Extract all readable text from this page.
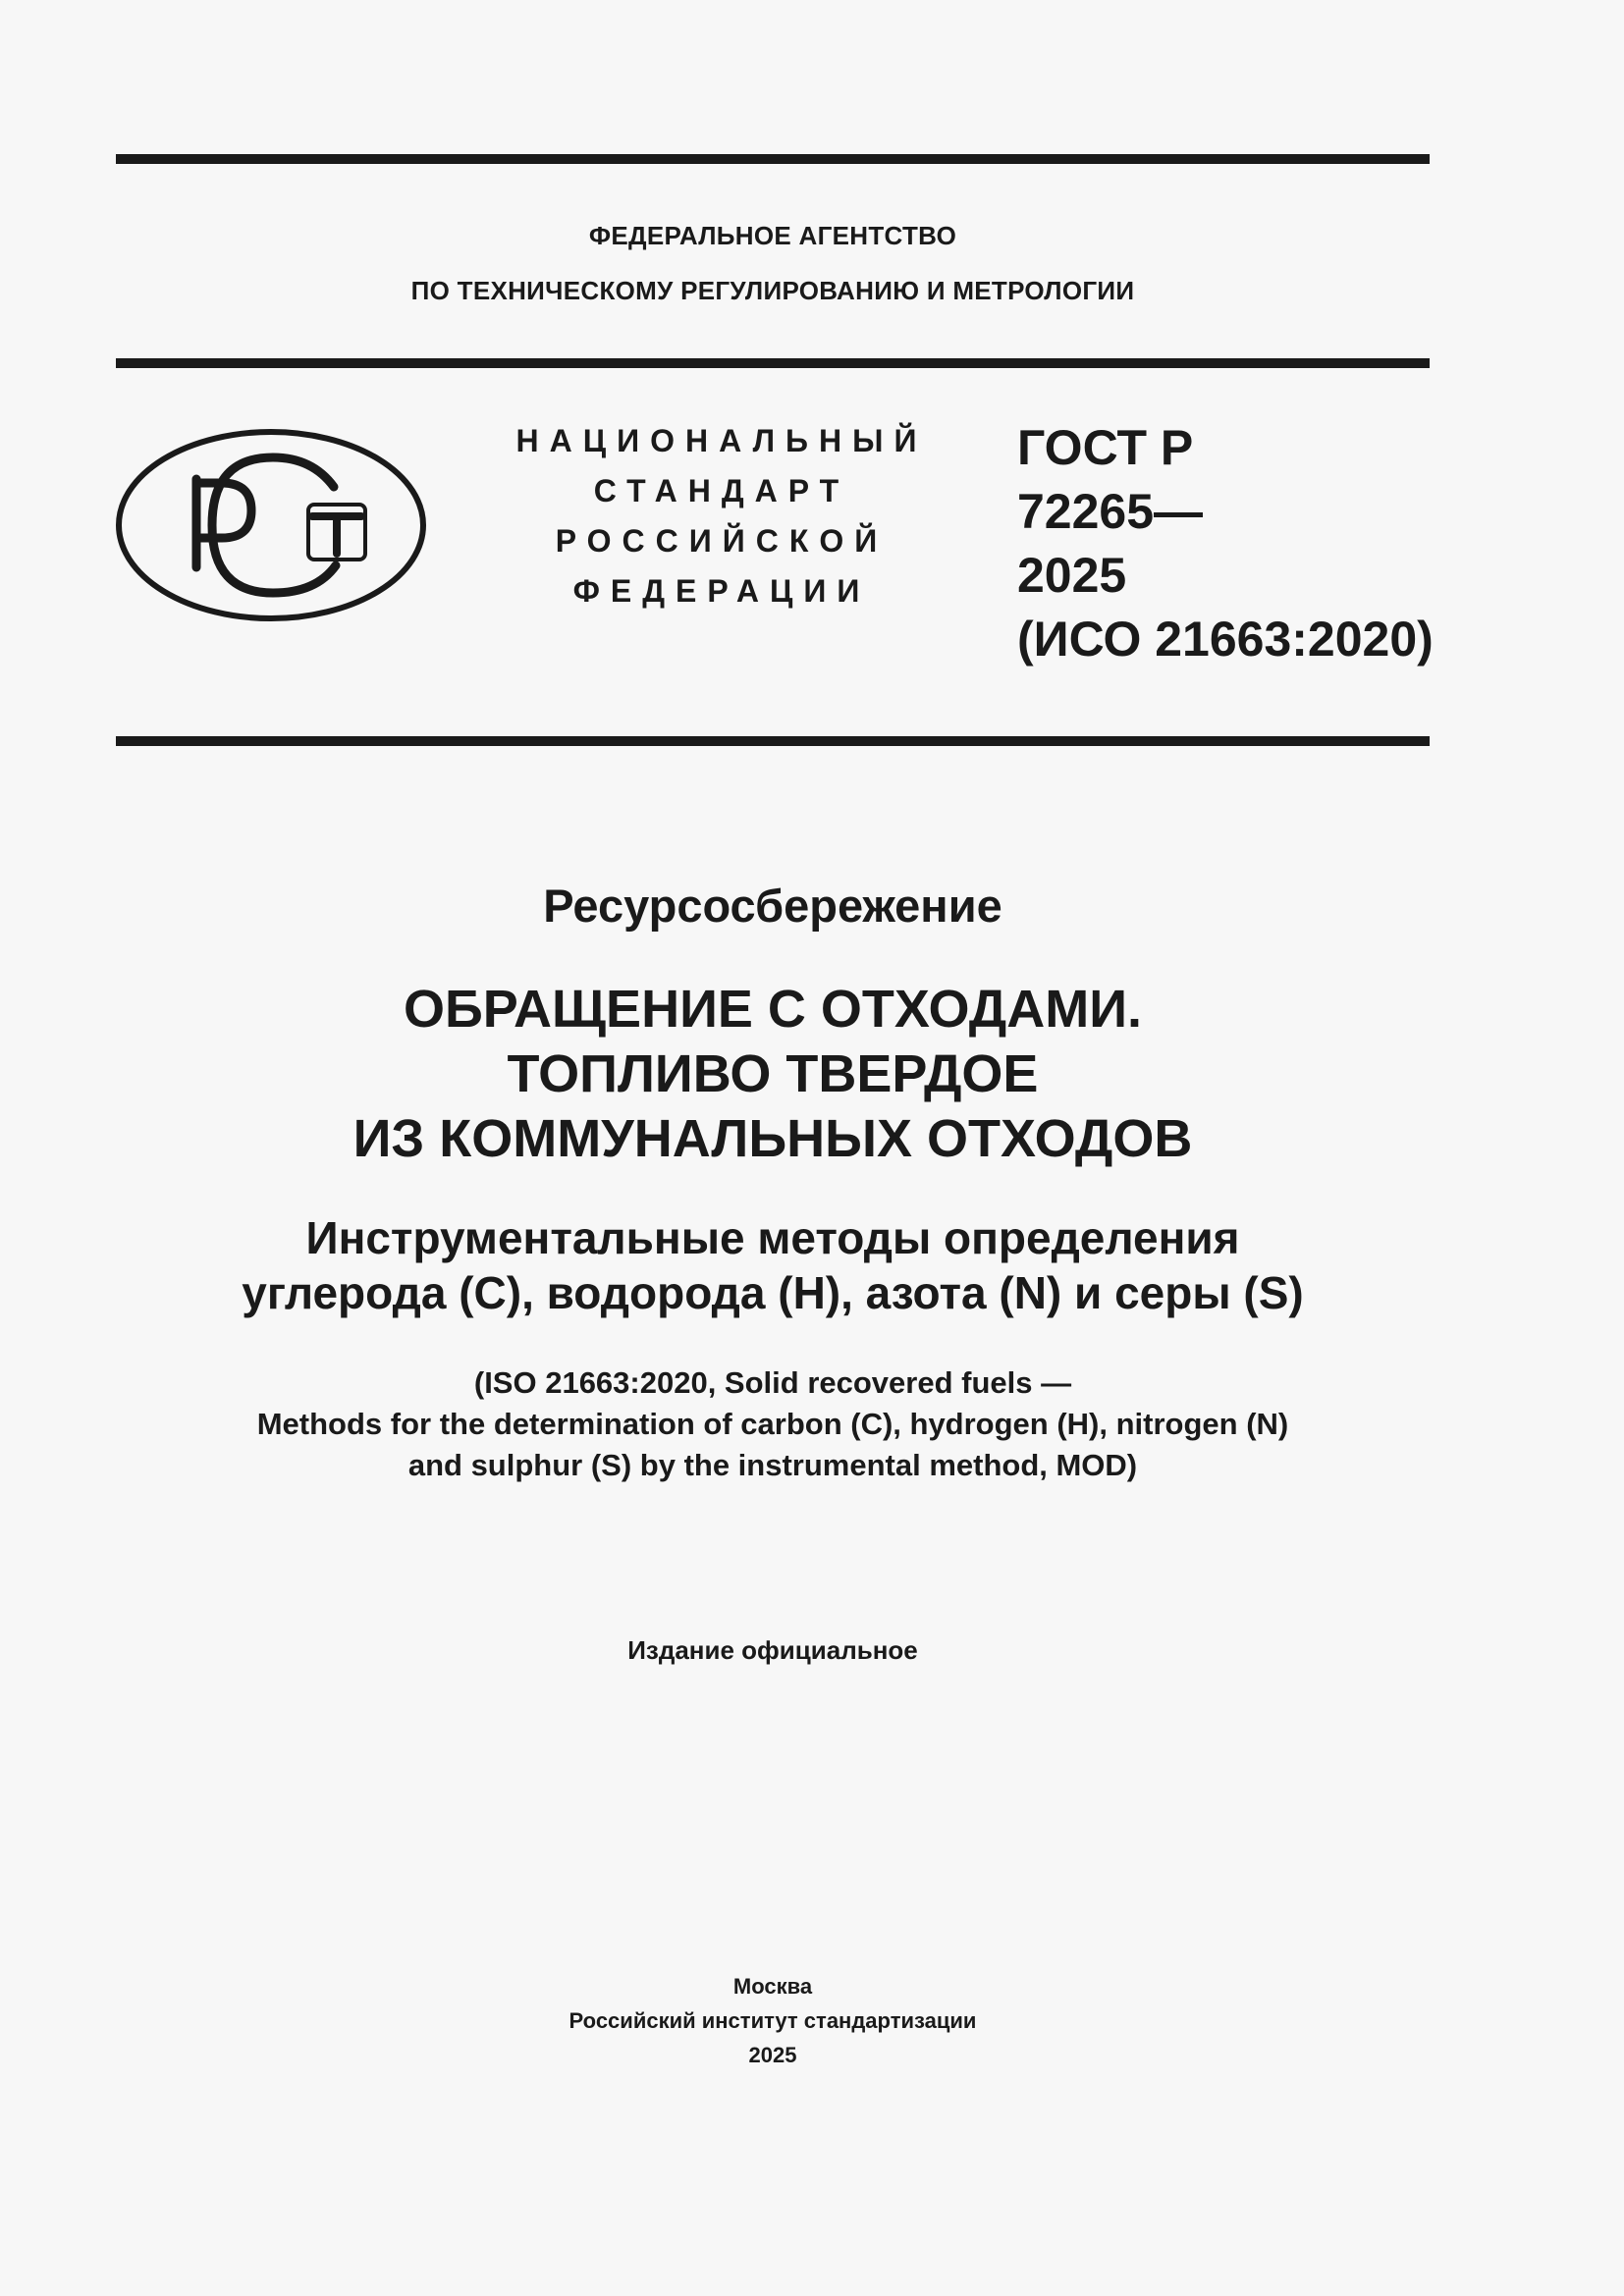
ФЕДЕРАЛЬНОЕ АГЕНТСТВО
ПО ТЕХНИЧЕСКОМУ РЕГУЛИРОВАНИЮ И МЕТРОЛОГИИ
НАЦИОНАЛЬНЫЙ
СТАНДАРТ
РОССИЙСКОЙ
ФЕДЕРАЦИИ
ГОСТ Р
72265—
2025
(ИСО 21663:2020)
Ресурсосбережение
ОБРАЩЕНИЕ С ОТХОДАМИ.
ТОПЛИВО ТВЕРДОЕ
ИЗ КОММУНАЛЬНЫХ ОТХОДОВ
Инструментальные методы определения
углерода (С), водорода (Н), азота (N) и серы (S)
(ISO 21663:2020, Solid recovered fuels —
Methods for the determination of carbon (C), hydrogen (H), nitrogen (N)
and sulphur (S) by the instrumental method, MOD)
Издание официальное
Москва
Российский институт стандартизации
2025
